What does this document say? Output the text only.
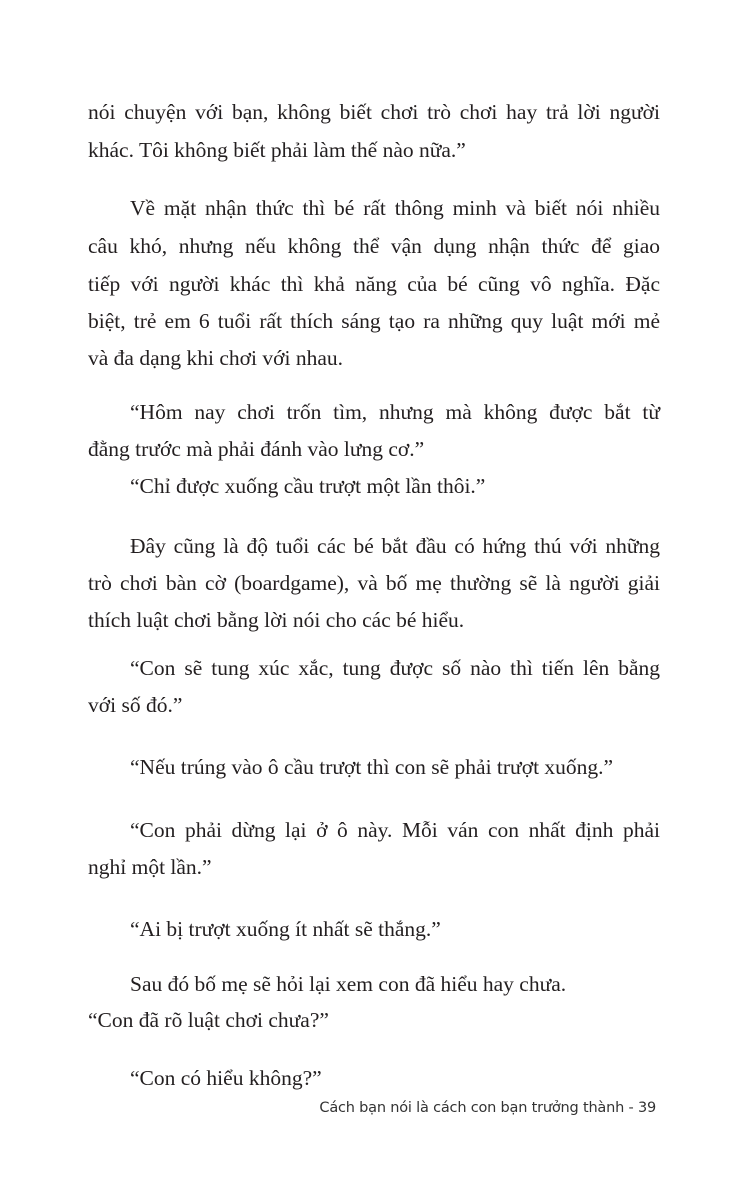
nói chuyện với bạn, không biết chơi trò chơi hay trả lời người
khác. Tôi không biết phải làm thế nào nữa.”
Về mặt nhận thức thì bé rất thông minh và biết nói nhiều
câu khó, nhưng nếu không thể vận dụng nhận thức để giao
tiếp với người khác thì khả năng của bé cũng vô nghĩa. Đặc
biệt, trẻ em 6 tuổi rất thích sáng tạo ra những quy luật mới mẻ
và đa dạng khi chơi với nhau.
“Hôm nay chơi trốn tìm, nhưng mà không được bắt từ
đằng trước mà phải đánh vào lưng cơ.”
“Chỉ được xuống cầu trượt một lần thôi.”
Đây cũng là độ tuổi các bé bắt đầu có hứng thú với những
trò chơi bàn cờ (boardgame), và bố mẹ thường sẽ là người giải
thích luật chơi bằng lời nói cho các bé hiểu.
“Con sẽ tung xúc xắc, tung được số nào thì tiến lên bằng
với số đó.”
“Nếu trúng vào ô cầu trượt thì con sẽ phải trượt xuống.”
“Con phải dừng lại ở ô này. Mỗi ván con nhất định phải
nghỉ một lần.”
“Ai bị trượt xuống ít nhất sẽ thắng.”
Sau đó bố mẹ sẽ hỏi lại xem con đã hiểu hay chưa.
“Con đã rõ luật chơi chưa?”
“Con có hiểu không?”
Cách bạn nói là cách con bạn trưởng thành - 39
